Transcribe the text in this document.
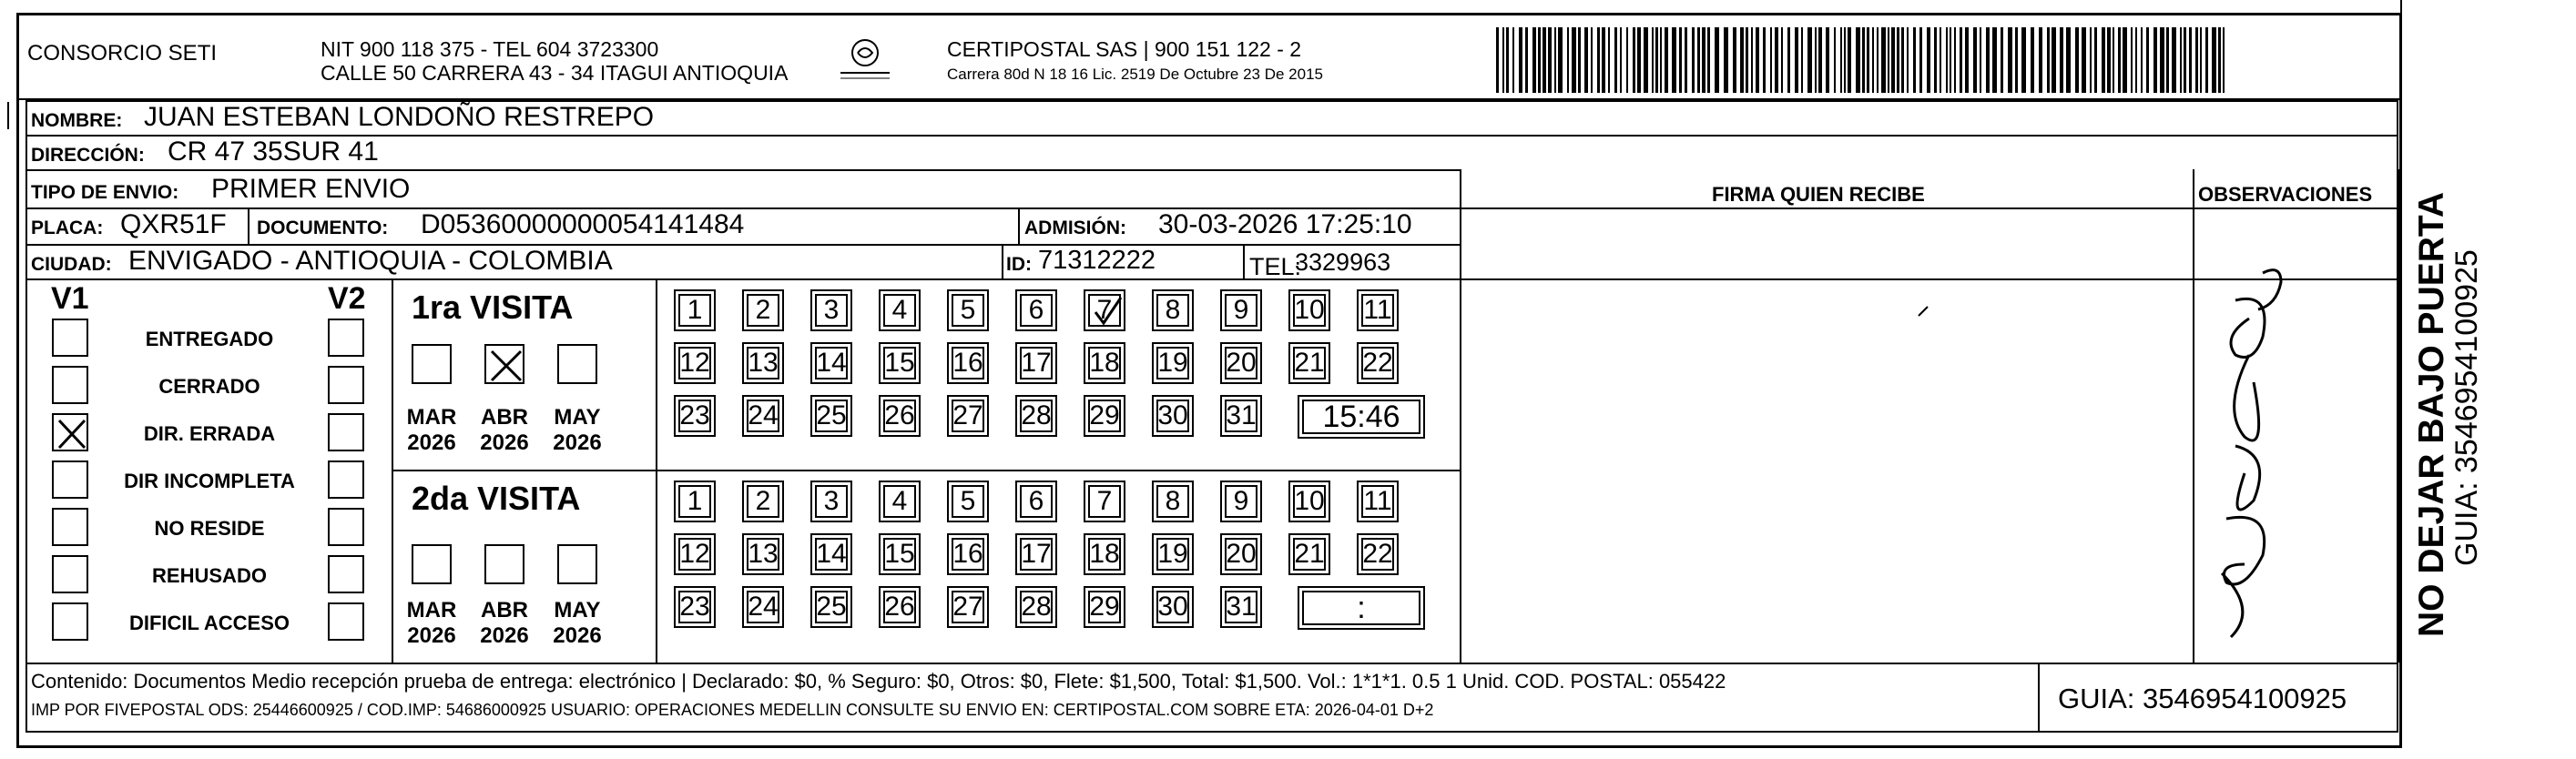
CONSORCIO SETI	NIT 900 118 375 - TEL 604 3723300
CALLE 50 CARRERA 43 - 34 ITAGUI ANTIOQUIA
CERTIPOSTAL SAS | 900 151 122 - 2
Carrera 80d N 18 16 Lic. 2519 De Octubre 23 De 2015
NOMBRE: JUAN ESTEBAN LONDOÑO RESTREPO
DIRECCIÓN: CR 47 35SUR 41
TIPO DE ENVIO: PRIMER ENVIO	FIRMA QUIEN RECIBE	OBSERVACIONES
PLACA: QXR51F DOCUMENTO: D05360000000054141484	ADMISIÓN: 30-03-2026 17:25:10
CIUDAD: ENVIGADO - ANTIOQUIA - COLOMBIA	ID: 71312222	TEL:
3329963
V1	V2
ENTREGADO
CERRADO
DIR. ERRADA
DIR INCOMPLETA
NO RESIDE
REHUSADO
DIFICIL ACCESO
1ra VISITA
2da VISITA
1 2 3 4 5 6 7 8 9 10 11
12 13 14 15 16 17 18 19 20 21 22
23 24 25 26 27 28 29 30 31	15:46
1 2 3 4 5 6 7 8 9 10 11
12 13 14 15 16 17 18 19 20 21 22
23 24 25 26 27 28 29 30 31	:
MAR
2026
ABR
2026
MAY
2026
MAR
2026
ABR
2026
MAY
2026
Contenido: Documentos Medio recepción prueba de entrega: electrónico | Declarado: $0, % Seguro: $0, Otros: $0, Flete: $1,500, Total: $1,500. Vol.: 1*1*1. 0.5 1 Unid. COD. POSTAL: 055422
IMP POR FIVEPOSTAL ODS: 25446600925 / COD.IMP: 54686000925 USUARIO: OPERACIONES MEDELLIN CONSULTE SU ENVIO EN: CERTIPOSTAL.COM SOBRE ETA: 2026-04-01 D+2	GUIA: 3546954100925
NO DEJAR BAJO PUERTA
GUIA: 3546954100925
